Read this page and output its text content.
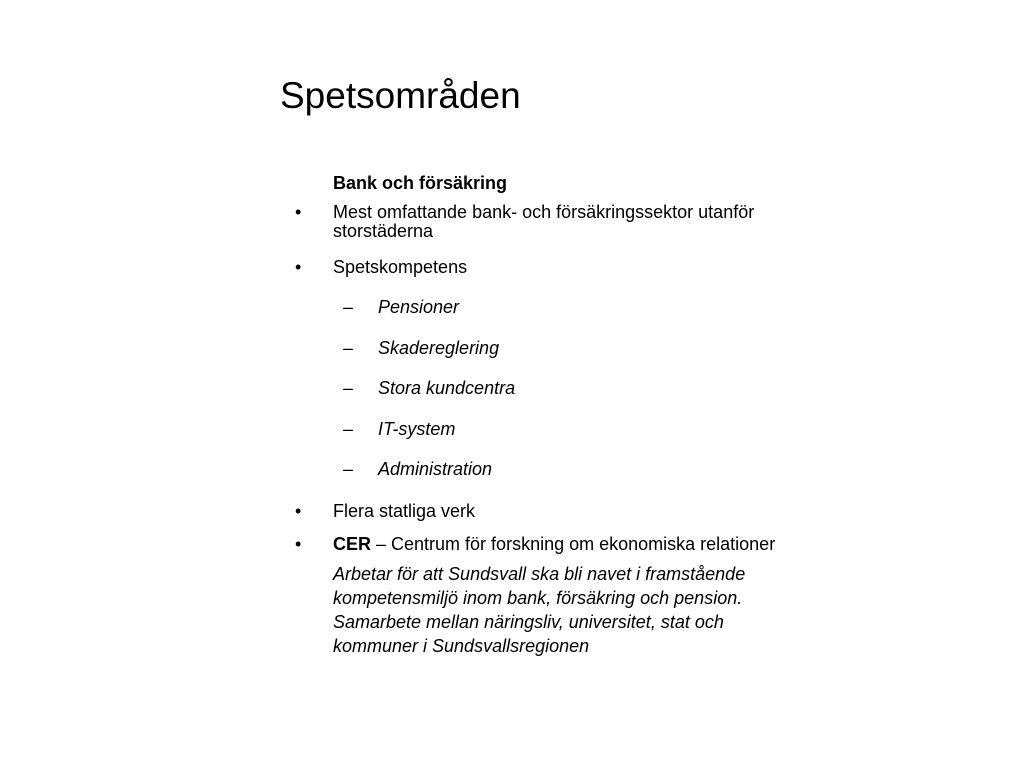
Spetsområden
Bank och försäkring
• Mest omfattande bank- och försäkringssektor utanför
storstäderna
• Spetskompetens
– Pensioner
– Skadereglering
– Stora kundcentra
– IT-system
– Administration
• Flera statliga verk
• CER – Centrum för forskning om ekonomiska relationer
Arbetar för att Sundsvall ska bli navet i framstående
kompetensmiljö inom bank, försäkring och pension.
Samarbete mellan näringsliv, universitet, stat och
kommuner i Sundsvallsregionen
